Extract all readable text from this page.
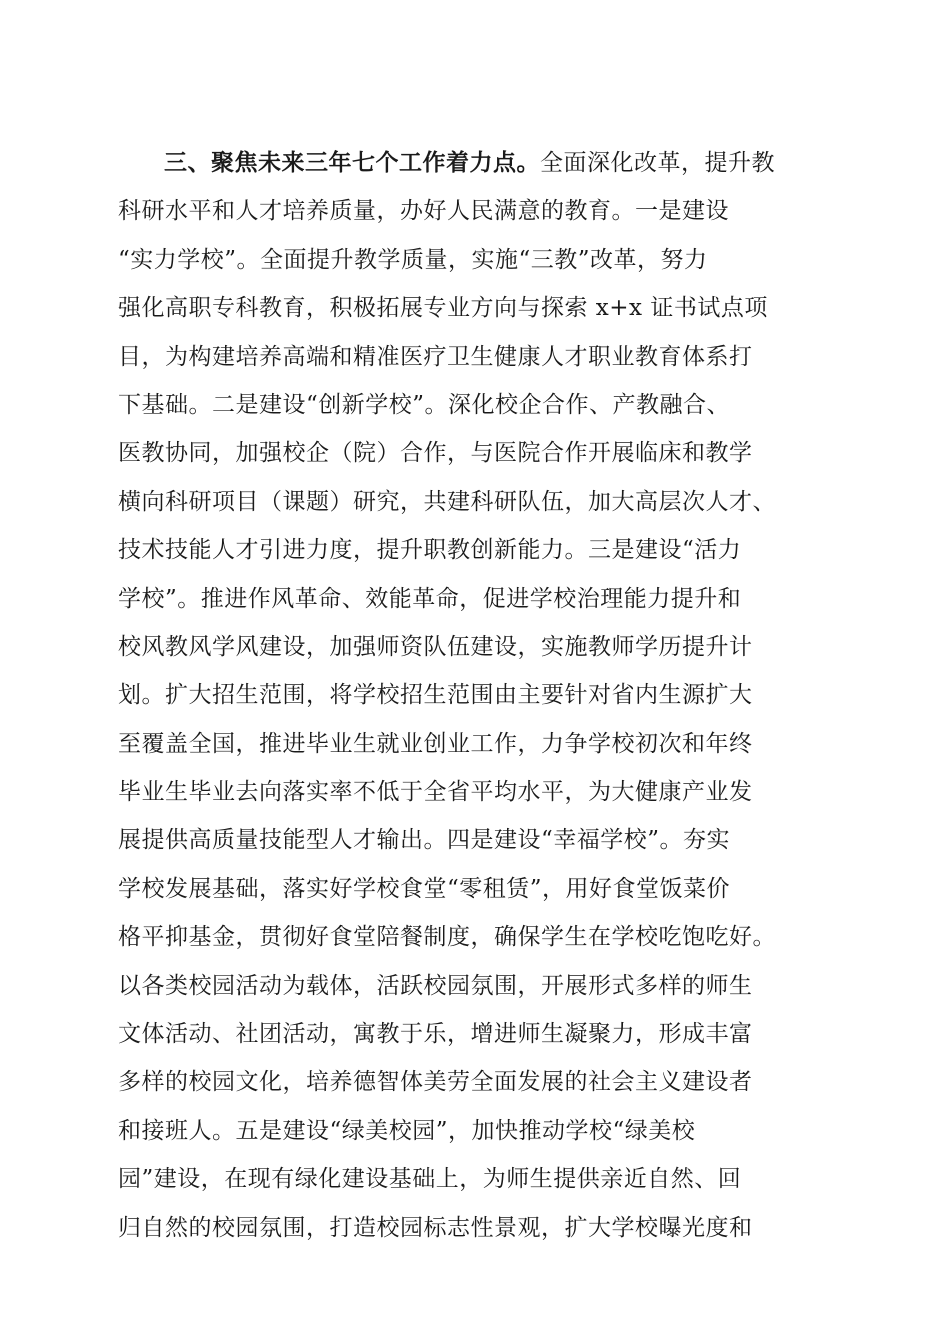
三、聚焦未来三年七个工作着力点。全面深化改革，提升教
科研水平和人才培养质量，办好人民满意的教育。一是建设
“实力学校”。全面提升教学质量，实施“三教”改革，努力
强化高职专科教育，积极拓展专业方向与探索 x+x 证书试点项
目，为构建培养高端和精准医疗卫生健康人才职业教育体系打
下基础。二是建设“创新学校”。深化校企合作、产教融合、
医教协同，加强校企（院）合作，与医院合作开展临床和教学
横向科研项目（课题）研究，共建科研队伍，加大高层次人才、
技术技能人才引进力度，提升职教创新能力。三是建设“活力
学校”。推进作风革命、效能革命，促进学校治理能力提升和
校风教风学风建设，加强师资队伍建设，实施教师学历提升计
划。扩大招生范围，将学校招生范围由主要针对省内生源扩大
至覆盖全国，推进毕业生就业创业工作，力争学校初次和年终
毕业生毕业去向落实率不低于全省平均水平，为大健康产业发
展提供高质量技能型人才输出。四是建设“幸福学校”。夯实
学校发展基础，落实好学校食堂“零租赁”，用好食堂饭菜价
格平抑基金，贯彻好食堂陪餐制度，确保学生在学校吃饱吃好。
以各类校园活动为载体，活跃校园氛围，开展形式多样的师生
文体活动、社团活动，寓教于乐，增进师生凝聚力，形成丰富
多样的校园文化，培养德智体美劳全面发展的社会主义建设者
和接班人。五是建设“绿美校园”，加快推动学校“绿美校
园”建设，在现有绿化建设基础上，为师生提供亲近自然、回
归自然的校园氛围，打造校园标志性景观，扩大学校曝光度和
